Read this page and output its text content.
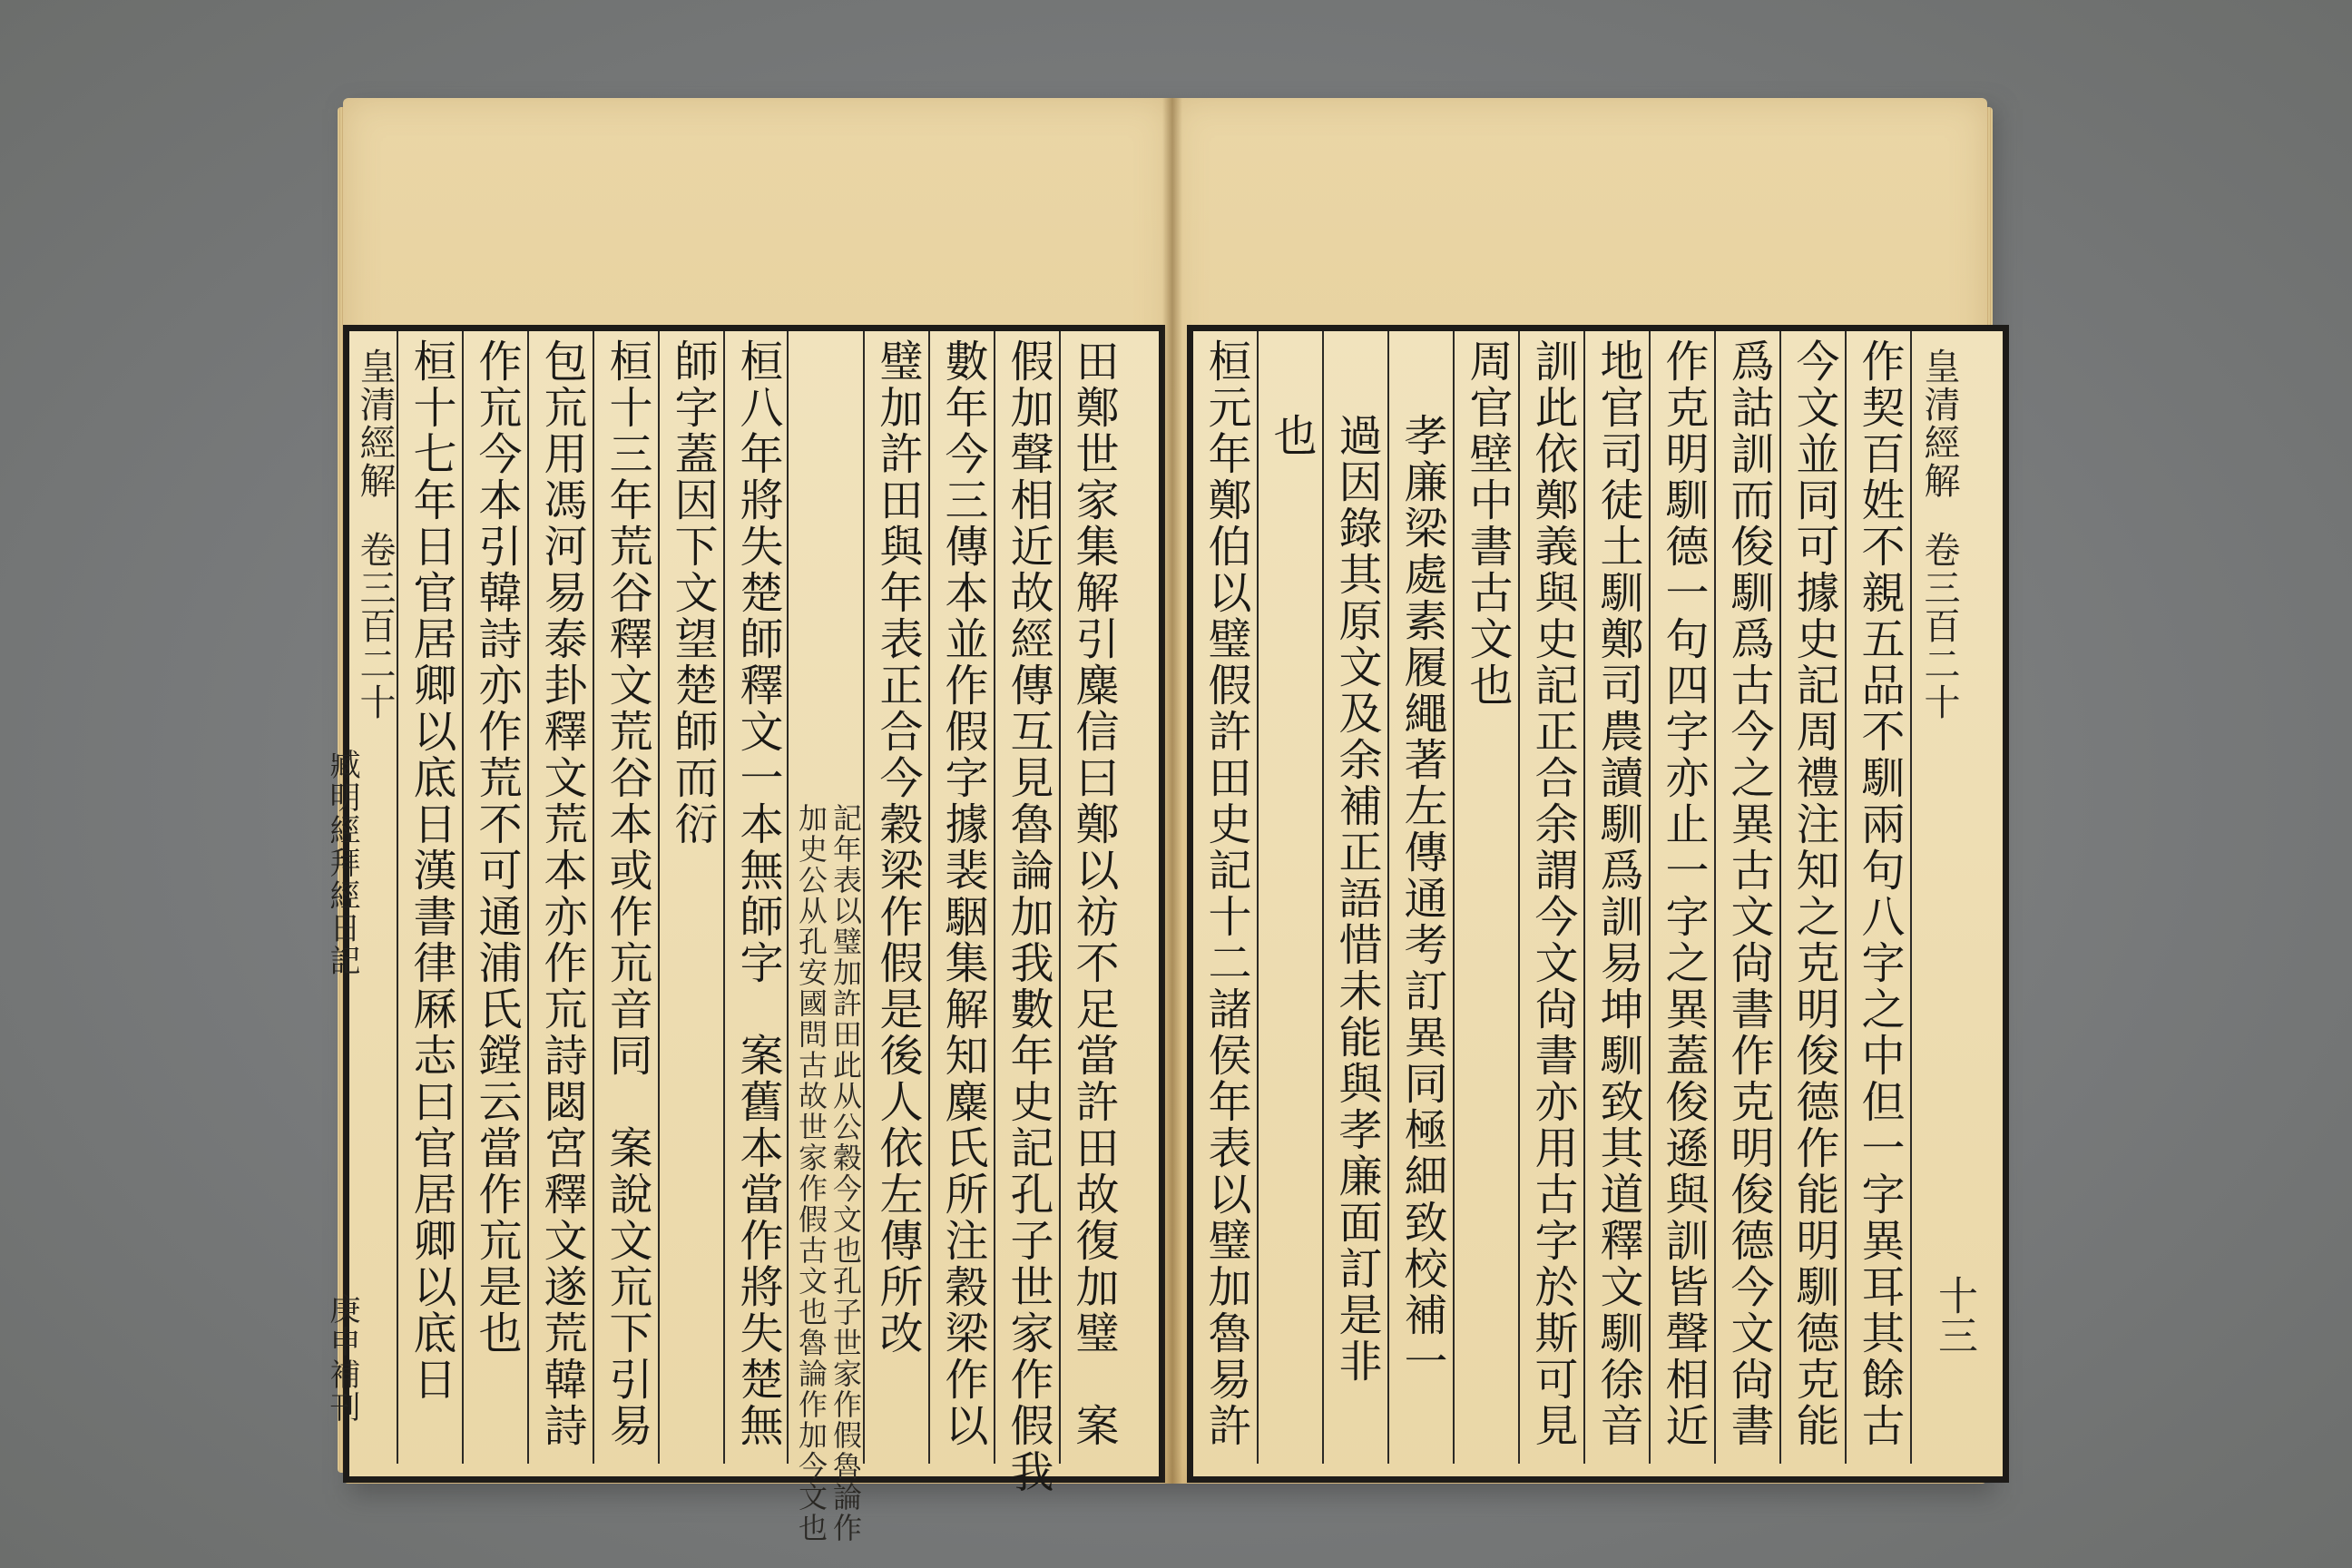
田鄭世家集解引麋信曰鄭以祊不足當許田故復加璧　案
假加聲相近故經傳互見魯論加我數年史記孔子世家作假我
數年今三傳本並作假字據裴駰集解知麋氏所注穀梁作以
璧加許田與年表正合今穀梁作假是後人依左傳所改
記年表以璧加許田此从公穀今文也孔子世家作假魯論作
加史公从孔安國問古故世家作假古文也魯論作加今文也
桓八年將失楚師釋文一本無師字　案舊本當作將失楚無
師字蓋因下文望楚師而衍
桓十三年荒谷釋文荒谷本或作巟音同　案說文巟下引易
包巟用馮河易泰卦釋文荒本亦作巟詩閟宮釋文遂荒韓詩
作巟今本引韓詩亦作荒不可通浦氏鏜云當作巟是也
桓十七年日官居卿以底日漢書律厤志曰官居卿以底日
皇清經解
卷三百二十
臧明經拜經日記
庚申補刊
皇清經解
卷三百二十
十三
作契百姓不親五品不馴兩句八字之中但一字異耳其餘古
今文並同可據史記周禮注知之克明俊德作能明馴德克能
爲詁訓而俊馴爲古今之異古文尙書作克明俊德今文尙書
作克明馴德一句四字亦止一字之異蓋俊遜與訓皆聲相近
地官司徒土馴鄭司農讀馴爲訓易坤馴致其道釋文馴徐音
訓此依鄭義與史記正合余謂今文尙書亦用古字於斯可見
周官壁中書古文也
孝廉梁處素履繩著左傳通考訂異同極細致校補一
過因錄其原文及余補正語惜未能與孝廉面訂是非
也
桓元年鄭伯以璧假許田史記十二諸侯年表以璧加魯易許
